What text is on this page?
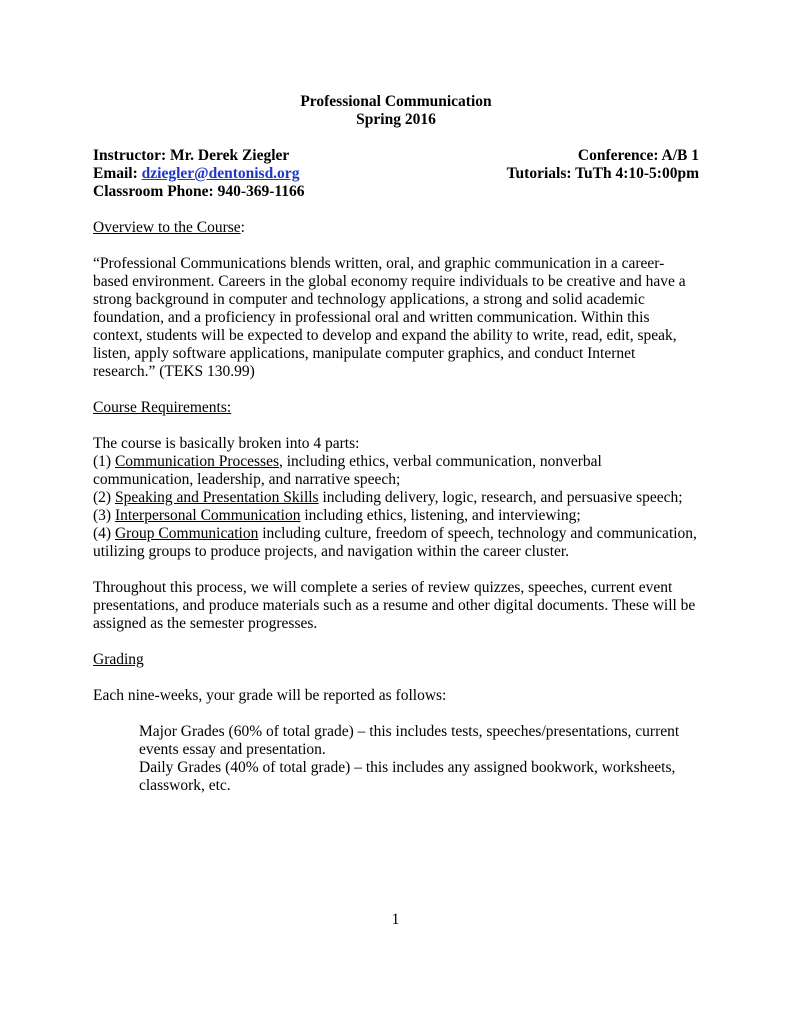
Professional Communication

Spring 2016

Instructor: Mr. Derek Ziegler	Conference: A/B 1
Email: dziegler@dentonisd.org	Tutorials: TuTh 4:10-5:00pm

Classroom Phone: 940-369-1166

Overview to the Course:

“Professional Communications blends written, oral, and graphic communication in a career-based environment. Careers in the global economy require individuals to be creative and have a strong background in computer and technology applications, a strong and solid academic foundation, and a proficiency in professional oral and written communication. Within this context, students will be expected to develop and expand the ability to write, read, edit, speak, listen, apply software applications, manipulate computer graphics, and conduct Internet research.” (TEKS 130.99)

Course Requirements:

The course is basically broken into 4 parts:

(1) Communication Processes, including ethics, verbal communication, nonverbal communication, leadership, and narrative speech;

(2) Speaking and Presentation Skills including delivery, logic, research, and persuasive speech;

(3) Interpersonal Communication including ethics, listening, and interviewing;

(4) Group Communication including culture, freedom of speech, technology and communication, utilizing groups to produce projects, and navigation within the career cluster.

Throughout this process, we will complete a series of review quizzes, speeches, current event presentations, and produce materials such as a resume and other digital documents. These will be assigned as the semester progresses.

Grading

Each nine-weeks, your grade will be reported as follows:

Major Grades (60% of total grade) – this includes tests, speeches/presentations, current events essay and presentation.

Daily Grades (40% of total grade) – this includes any assigned bookwork, worksheets, classwork, etc.

1
